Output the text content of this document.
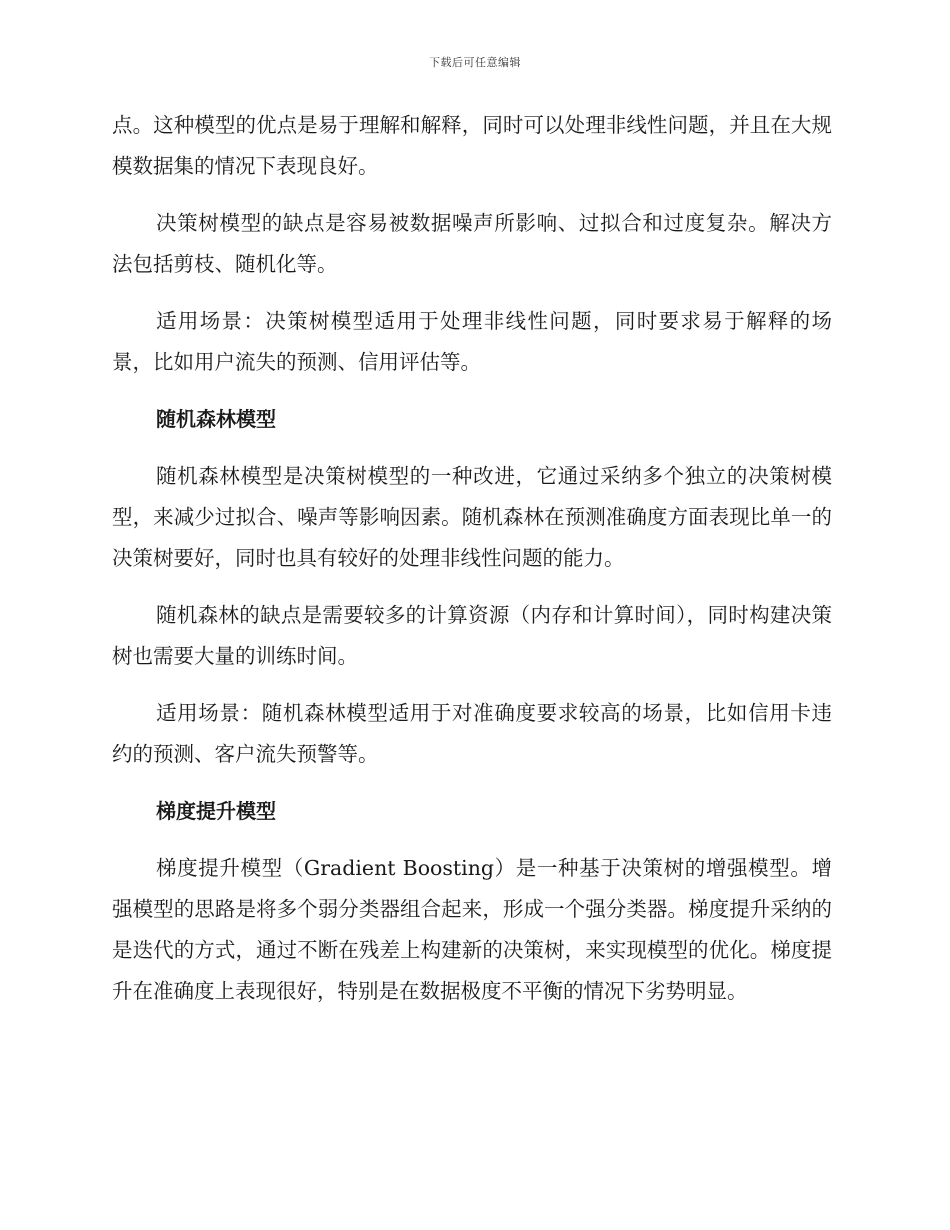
下载后可任意编辑

点。这种模型的优点是易于理解和解释，同时可以处理非线性问题，并且在大规模数据集的情况下表现良好。

决策树模型的缺点是容易被数据噪声所影响、过拟合和过度复杂。解决方法包括剪枝、随机化等。

适用场景：决策树模型适用于处理非线性问题，同时要求易于解释的场景，比如用户流失的预测、信用评估等。

随机森林模型

随机森林模型是决策树模型的一种改进，它通过采纳多个独立的决策树模型，来减少过拟合、噪声等影响因素。随机森林在预测准确度方面表现比单一的决策树要好，同时也具有较好的处理非线性问题的能力。

随机森林的缺点是需要较多的计算资源（内存和计算时间），同时构建决策树也需要大量的训练时间。

适用场景：随机森林模型适用于对准确度要求较高的场景，比如信用卡违约的预测、客户流失预警等。

梯度提升模型

梯度提升模型（Gradient Boosting）是一种基于决策树的增强模型。增强模型的思路是将多个弱分类器组合起来，形成一个强分类器。梯度提升采纳的是迭代的方式，通过不断在残差上构建新的决策树，来实现模型的优化。梯度提升在准确度上表现很好，特别是在数据极度不平衡的情况下劣势明显。
